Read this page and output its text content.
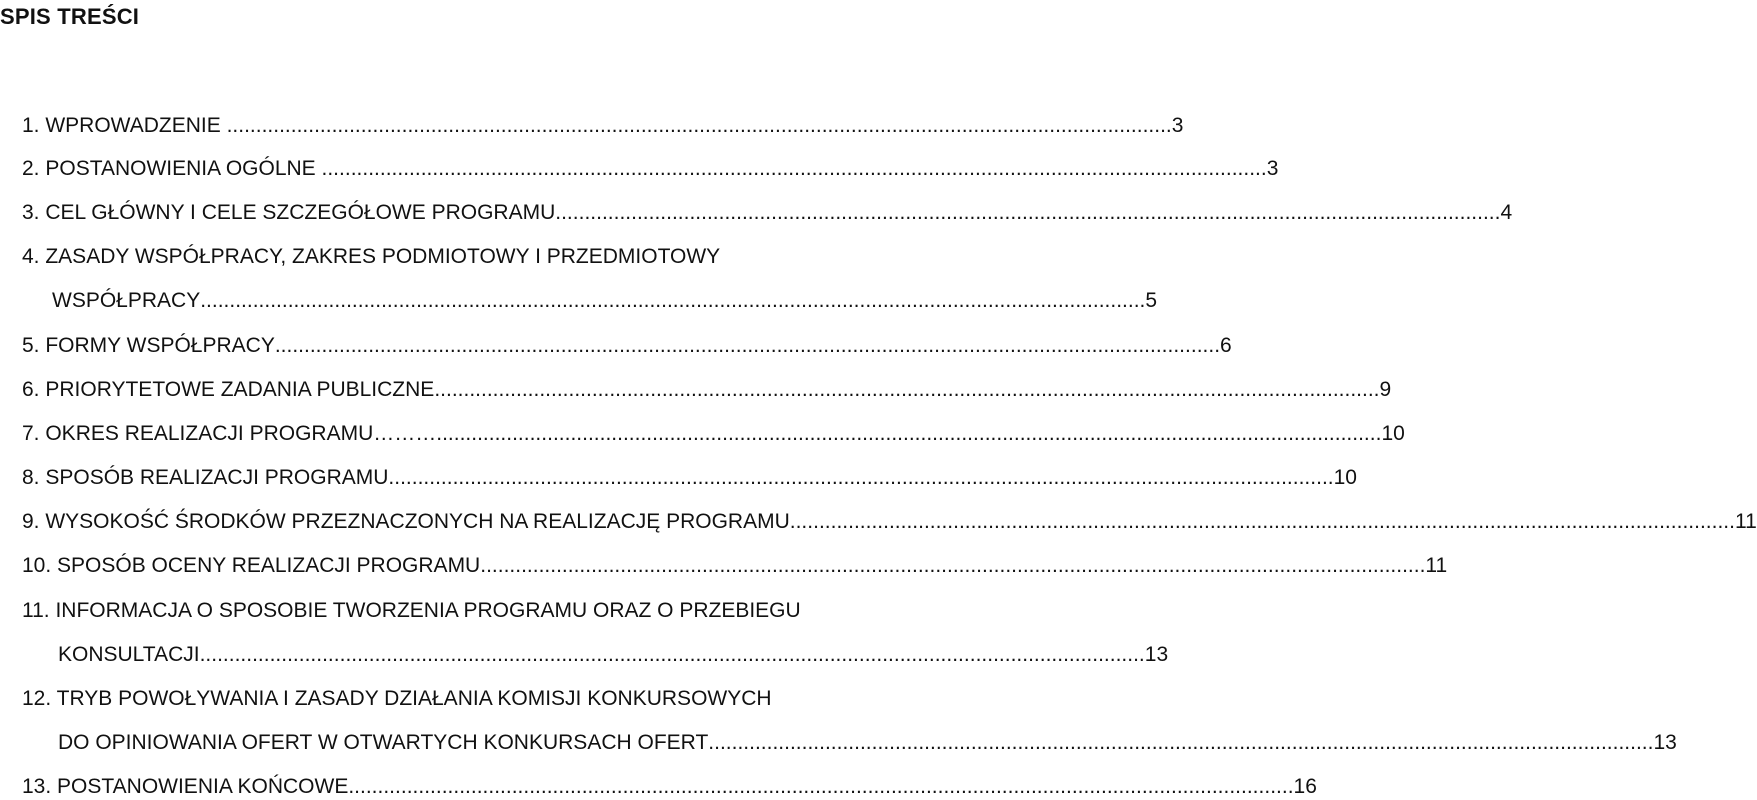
SPIS TREŚCI
1. WPROWADZENIE .................................................................................................................................................................. 3
2. POSTANOWIENIA OGÓLNE .................................................................................................................................................................. 3
3. CEL GŁÓWNY I CELE SZCZEGÓŁOWE PROGRAMU .................................................................................................................................................................. 4
4. ZASADY WSPÓŁPRACY, ZAKRES PODMIOTOWY I PRZEDMIOTOWY
WSPÓŁPRACY .................................................................................................................................................................. 5
5. FORMY WSPÓŁPRACY .................................................................................................................................................................. 6
6. PRIORYTETOWE ZADANIA PUBLICZNE .................................................................................................................................................................. 9
7. OKRES REALIZACJI PROGRAMU……… .................................................................................................................................................................. 10
8. SPOSÓB REALIZACJI PROGRAMU .................................................................................................................................................................. 10
9. WYSOKOŚĆ ŚRODKÓW PRZEZNACZONYCH NA REALIZACJĘ PROGRAMU .................................................................................................................................................................. 11
10. SPOSÓB OCENY REALIZACJI PROGRAMU .................................................................................................................................................................. 11
11. INFORMACJA O SPOSOBIE TWORZENIA PROGRAMU ORAZ O PRZEBIEGU
KONSULTACJI .................................................................................................................................................................. 13
12. TRYB POWOŁYWANIA I ZASADY DZIAŁANIA KOMISJI KONKURSOWYCH
DO OPINIOWANIA OFERT W OTWARTYCH KONKURSACH OFERT .................................................................................................................................................................. 13
13. POSTANOWIENIA KOŃCOWE .................................................................................................................................................................. 16
